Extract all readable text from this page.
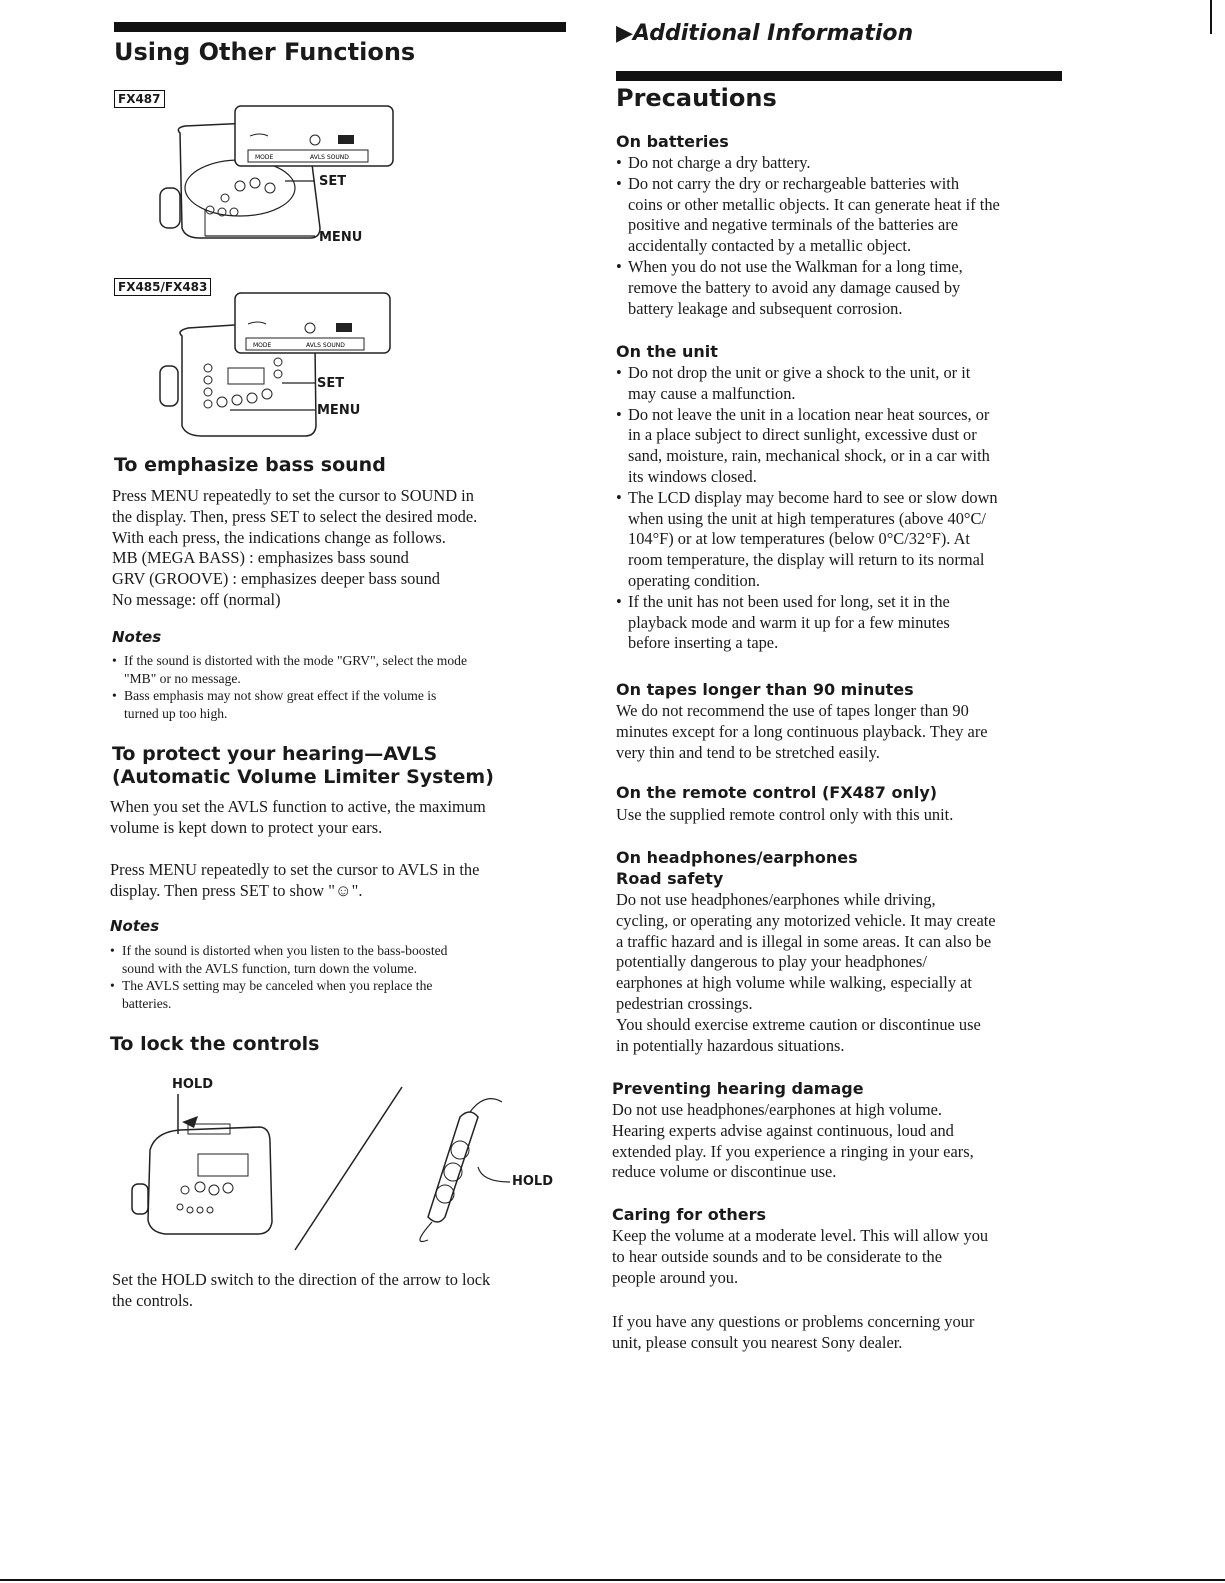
Using Other Functions
FX487
MODE	AVLS SOUND
SET
MENU
FX485/FX483
MODE	AVLS SOUND
SET
MENU
To emphasize bass sound
Press MENU repeatedly to set the cursor to SOUND in
the display. Then, press SET to select the desired mode.
With each press, the indications change as follows.
MB (MEGA BASS) : emphasizes bass sound
GRV (GROOVE) : emphasizes deeper bass sound
No message: off (normal)
Notes
• If the sound is distorted with the mode "GRV", select the mode
"MB" or no message.
• Bass emphasis may not show great effect if the volume is
turned up too high.
To protect your hearing—AVLS
(Automatic Volume Limiter System)
When you set the AVLS function to active, the maximum
volume is kept down to protect your ears.
Press MENU repeatedly to set the cursor to AVLS in the
display. Then press SET to show "☺".
Notes
• If the sound is distorted when you listen to the bass-boosted
sound with the AVLS function, turn down the volume.
• The AVLS setting may be canceled when you replace the
batteries.
To lock the controls
HOLD
HOLD
Set the HOLD switch to the direction of the arrow to lock
the controls.
▶Additional Information
Precautions
On batteries
• Do not charge a dry battery.
• Do not carry the dry or rechargeable batteries with
coins or other metallic objects. It can generate heat if the
positive and negative terminals of the batteries are
accidentally contacted by a metallic object.
• When you do not use the Walkman for a long time,
remove the battery to avoid any damage caused by
battery leakage and subsequent corrosion.
On the unit
• Do not drop the unit or give a shock to the unit, or it
may cause a malfunction.
• Do not leave the unit in a location near heat sources, or
in a place subject to direct sunlight, excessive dust or
sand, moisture, rain, mechanical shock, or in a car with
its windows closed.
• The LCD display may become hard to see or slow down
when using the unit at high temperatures (above 40°C/
104°F) or at low temperatures (below 0°C/32°F). At
room temperature, the display will return to its normal
operating condition.
• If the unit has not been used for long, set it in the
playback mode and warm it up for a few minutes
before inserting a tape.
On tapes longer than 90 minutes
We do not recommend the use of tapes longer than 90
minutes except for a long continuous playback. They are
very thin and tend to be stretched easily.
On the remote control (FX487 only)
Use the supplied remote control only with this unit.
On headphones/earphones
Road safety
Do not use headphones/earphones while driving,
cycling, or operating any motorized vehicle. It may create
a traffic hazard and is illegal in some areas. It can also be
potentially dangerous to play your headphones/
earphones at high volume while walking, especially at
pedestrian crossings.
You should exercise extreme caution or discontinue use
in potentially hazardous situations.
Preventing hearing damage
Do not use headphones/earphones at high volume.
Hearing experts advise against continuous, loud and
extended play. If you experience a ringing in your ears,
reduce volume or discontinue use.
Caring for others
Keep the volume at a moderate level. This will allow you
to hear outside sounds and to be considerate to the
people around you.
If you have any questions or problems concerning your
unit, please consult you nearest Sony dealer.
